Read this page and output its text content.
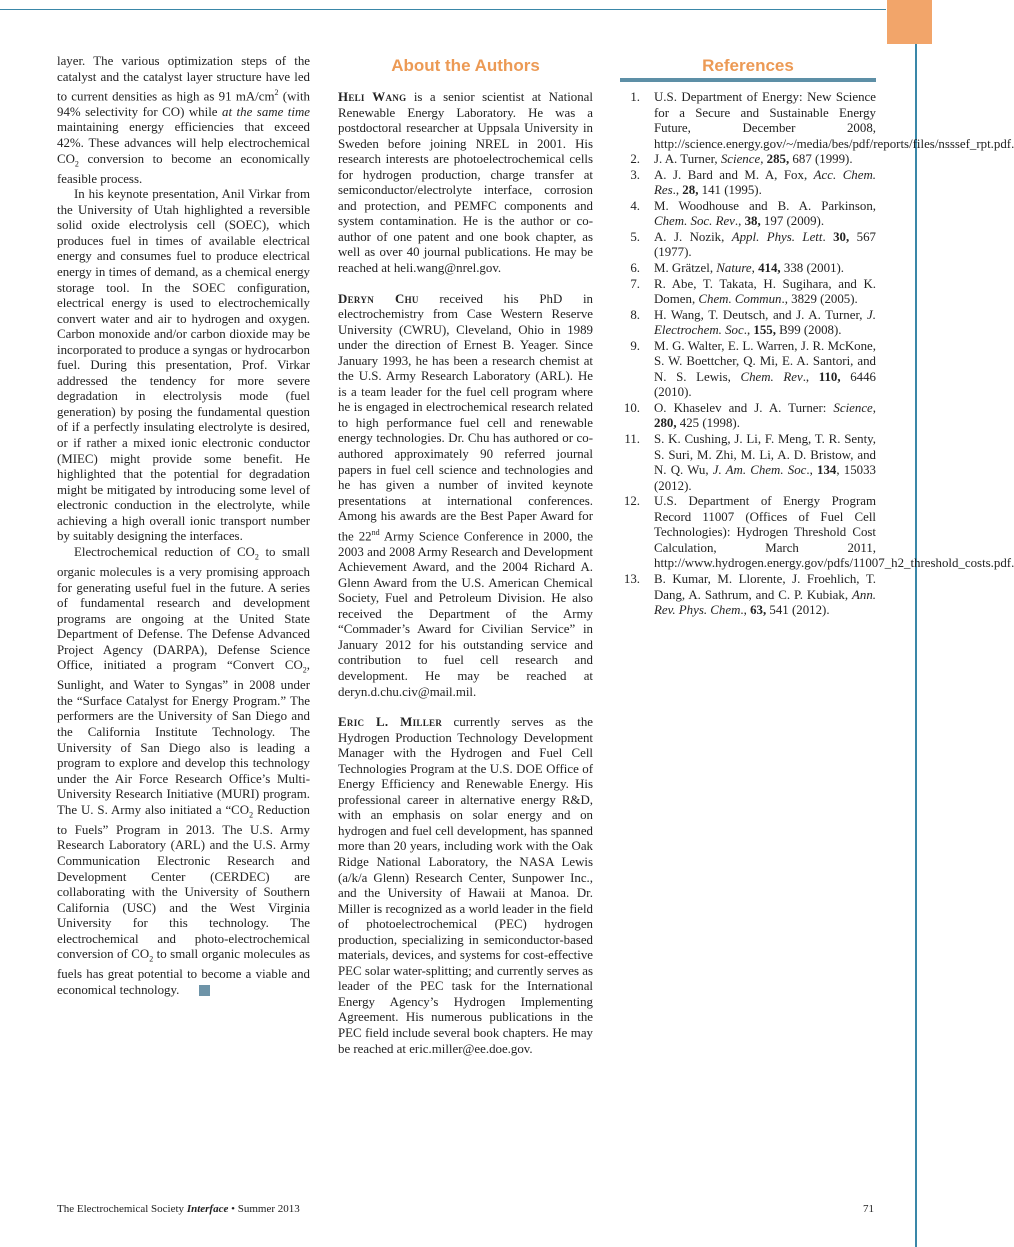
layer. The various optimization steps of the catalyst and the catalyst layer structure have led to current densities as high as 91 $mA/cm^2$ (with 94% selectivity for CO) while at the same time maintaining energy efficiencies that exceed 42%. These advances will help electrochemical $CO_2$ conversion to become an economically feasible process.

In his keynote presentation, Anil Virkar from the University of Utah highlighted a reversible solid oxide electrolysis cell (SOEC), which produces fuel in times of available electrical energy and consumes fuel to produce electrical energy in times of demand, as a chemical energy storage tool. In the SOEC configuration, electrical energy is used to electrochemically convert water and air to hydrogen and oxygen. Carbon monoxide and/or carbon dioxide may be incorporated to produce a syngas or hydrocarbon fuel. During this presentation, Prof. Virkar addressed the tendency for more severe degradation in electrolysis mode (fuel generation) by posing the fundamental question of if a perfectly insulating electrolyte is desired, or if rather a mixed ionic electronic conductor (MIEC) might provide some benefit. He highlighted that the potential for degradation might be mitigated by introducing some level of electronic conduction in the electrolyte, while achieving a high overall ionic transport number by suitably designing the interfaces.

Electrochemical reduction of $CO_2$ to small organic molecules is a very promising approach for generating useful fuel in the future. A series of fundamental research and development programs are ongoing at the United State Department of Defense. The Defense Advanced Project Agency (DARPA), Defense Science Office, initiated a program “Convert $CO_2$, Sunlight, and Water to Syngas” in 2008 under the “Surface Catalyst for Energy Program.” The performers are the University of San Diego and the California Institute Technology. The University of San Diego also is leading a program to explore and develop this technology under the Air Force Research Office’s Multi-University Research Initiative (MURI) program. The U. S. Army also initiated a “$CO_2$ Reduction to Fuels” Program in 2013. The U.S. Army Research Laboratory (ARL) and the U.S. Army Communication Electronic Research and Development Center (CERDEC) are collaborating with the University of Southern California (USC) and the West Virginia University for this technology. The electrochemical and photo-electrochemical conversion of $CO_2$ to small organic molecules as fuels has great potential to become a viable and economical technology.

About the Authors

Heli Wang is a senior scientist at National Renewable Energy Laboratory. He was a postdoctoral researcher at Uppsala University in Sweden before joining NREL in 2001. His research interests are photoelectrochemical cells for hydrogen production, charge transfer at semiconductor/electrolyte interface, corrosion and protection, and PEMFC components and system contamination. He is the author or co-author of one patent and one book chapter, as well as over 40 journal publications. He may be reached at heli.wang@nrel.gov.

Deryn Chu received his PhD in electrochemistry from Case Western Reserve University (CWRU), Cleveland, Ohio in 1989 under the direction of Ernest B. Yeager. Since January 1993, he has been a research chemist at the U.S. Army Research Laboratory (ARL). He is a team leader for the fuel cell program where he is engaged in electrochemical research related to high performance fuel cell and renewable energy technologies. Dr. Chu has authored or co-authored approximately 90 referred journal papers in fuel cell science and technologies and he has given a number of invited keynote presentations at international conferences. Among his awards are the Best Paper Award for the 22nd Army Science Conference in 2000, the 2003 and 2008 Army Research and Development Achievement Award, and the 2004 Richard A. Glenn Award from the U.S. American Chemical Society, Fuel and Petroleum Division. He also received the Department of the Army “Commader’s Award for Civilian Service” in January 2012 for his outstanding service and contribution to fuel cell research and development. He may be reached at deryn.d.chu.civ@mail.mil.

Eric L. Miller currently serves as the Hydrogen Production Technology Development Manager with the Hydrogen and Fuel Cell Technologies Program at the U.S. DOE Office of Energy Efficiency and Renewable Energy. His professional career in alternative energy R&D, with an emphasis on solar energy and on hydrogen and fuel cell development, has spanned more than 20 years, including work with the Oak Ridge National Laboratory, the NASA Lewis (a/k/a Glenn) Research Center, Sunpower Inc., and the University of Hawaii at Manoa. Dr. Miller is recognized as a world leader in the field of photoelectrochemical (PEC) hydrogen production, specializing in semiconductor-based materials, devices, and systems for cost-effective PEC solar water-splitting; and currently serves as leader of the PEC task for the International Energy Agency’s Hydrogen Implementing Agreement. His numerous publications in the PEC field include several book chapters. He may be reached at eric.miller@ee.doe.gov.

References
1. U.S. Department of Energy: New Science for a Secure and Sustainable Energy Future, December 2008, http://science.energy.gov/~/media/bes/pdf/reports/files/nsssef_rpt.pdf.
2. J. A. Turner, Science, 285, 687 (1999).
3. A. J. Bard and M. A, Fox, Acc. Chem. Res., 28, 141 (1995).
4. M. Woodhouse and B. A. Parkinson, Chem. Soc. Rev., 38, 197 (2009).
5. A. J. Nozik, Appl. Phys. Lett. 30, 567 (1977).
6. M. Grätzel, Nature, 414, 338 (2001).
7. R. Abe, T. Takata, H. Sugihara, and K. Domen, Chem. Commun., 3829 (2005).
8. H. Wang, T. Deutsch, and J. A. Turner, J. Electrochem. Soc., 155, B99 (2008).
9. M. G. Walter, E. L. Warren, J. R. McKone, S. W. Boettcher, Q. Mi, E. A. Santori, and N. S. Lewis, Chem. Rev., 110, 6446 (2010).
10. O. Khaselev and J. A. Turner: Science, 280, 425 (1998).
11. S. K. Cushing, J. Li, F. Meng, T. R. Senty, S. Suri, M. Zhi, M. Li, A. D. Bristow, and N. Q. Wu, J. Am. Chem. Soc., 134, 15033 (2012).
12. U.S. Department of Energy Program Record 11007 (Offices of Fuel Cell Technologies): Hydrogen Threshold Cost Calculation, March 2011, http://www.hydrogen.energy.gov/pdfs/11007_h2_threshold_costs.pdf.
13. B. Kumar, M. Llorente, J. Froehlich, T. Dang, A. Sathrum, and C. P. Kubiak, Ann. Rev. Phys. Chem., 63, 541 (2012).
The Electrochemical Society Interface • Summer 2013	71
